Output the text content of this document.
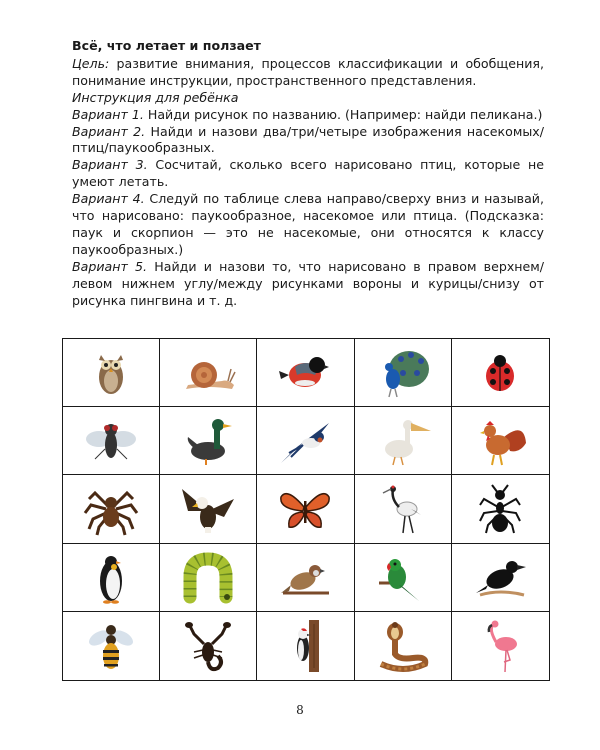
Всё, что летает и ползает

Цель: развитие внимания, процессов классификации и обобщения, понимание инструкции, пространственного представления.

Инструкция для ребёнка

Вариант 1. Найди рисунок по названию. (Например: найди пеликана.)

Вариант 2. Найди и назови два/три/четыре изображения насекомых/птиц/паукообразных.

Вариант 3. Сосчитай, сколько всего нарисовано птиц, которые не умеют летать.

Вариант 4. Следуй по таблице слева направо/сверху вниз и называй, что нарисовано: паукообразное, насекомое или птица. (Подсказка: паук и скорпион — это не насекомые, они относятся к классу паукообразных.)

Вариант 5. Найди и назови то, что нарисовано в правом верхнем/левом нижнем углу/между рисунками вороны и курицы/снизу от рисунка пингвина и т. д.

8
